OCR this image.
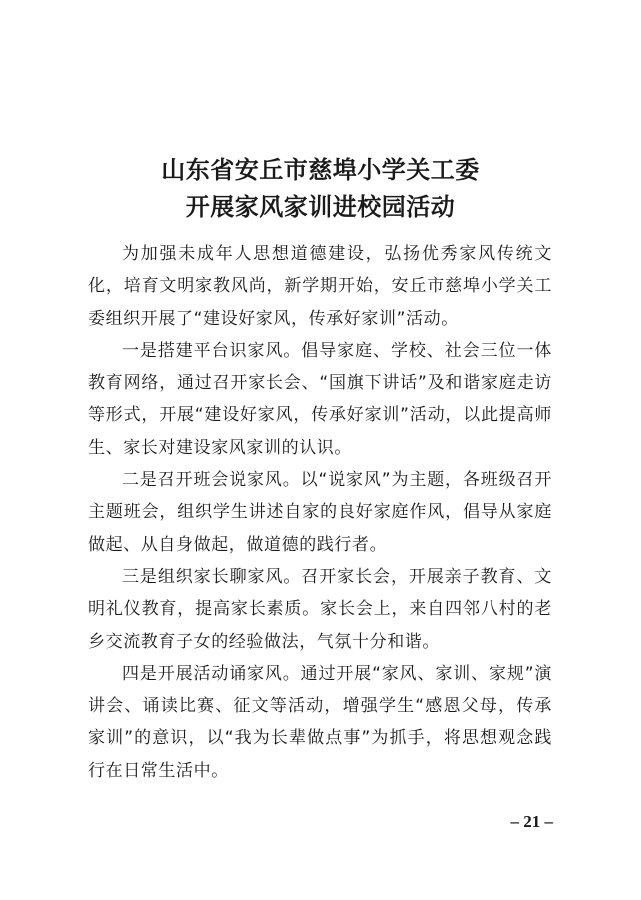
山东省安丘市慈埠小学关工委
开展家风家训进校园活动

为加强未成年人思想道德建设，弘扬优秀家风传统文化，培育文明家教风尚，新学期开始，安丘市慈埠小学关工委组织开展了“建设好家风，传承好家训”活动。

一是搭建平台识家风。倡导家庭、学校、社会三位一体教育网络，通过召开家长会、“国旗下讲话”及和谐家庭走访等形式，开展“建设好家风，传承好家训”活动，以此提高师生、家长对建设家风家训的认识。

二是召开班会说家风。以“说家风”为主题，各班级召开主题班会，组织学生讲述自家的良好家庭作风，倡导从家庭做起、从自身做起，做道德的践行者。

三是组织家长聊家风。召开家长会，开展亲子教育、文明礼仪教育，提高家长素质。家长会上，来自四邻八村的老乡交流教育子女的经验做法，气氛十分和谐。

四是开展活动诵家风。通过开展“家风、家训、家规”演讲会、诵读比赛、征文等活动，增强学生“感恩父母，传承家训”的意识，以“我为长辈做点事”为抓手，将思想观念践行在日常生活中。

– 21 –
